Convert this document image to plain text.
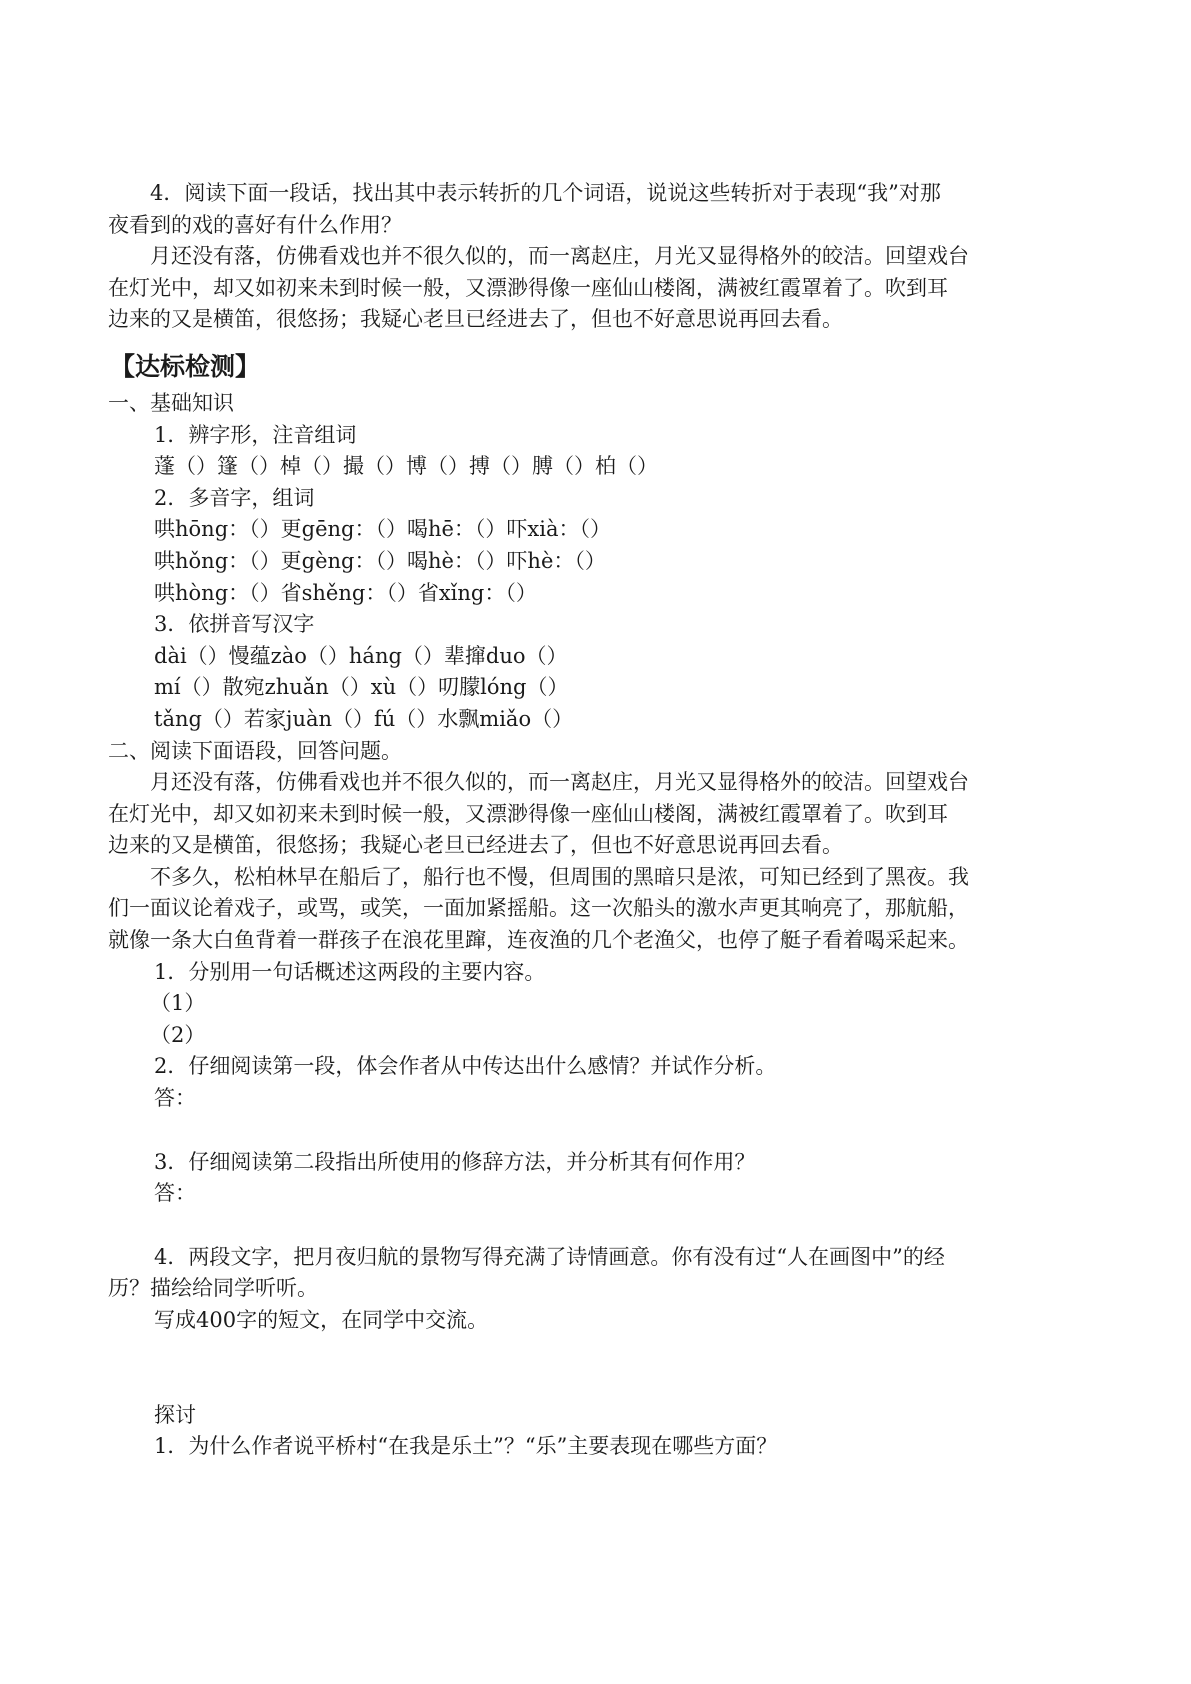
4．阅读下面一段话，找出其中表示转折的几个词语，说说这些转折对于表现“我”对那

夜看到的戏的喜好有什么作用？

月还没有落，仿佛看戏也并不很久似的，而一离赵庄，月光又显得格外的皎洁。回望戏台

在灯光中，却又如初来未到时候一般，又漂渺得像一座仙山楼阁，满被红霞罩着了。吹到耳

边来的又是横笛，很悠扬；我疑心老旦已经进去了，但也不好意思说再回去看。

【达标检测】

一、基础知识

1．辨字形，注音组词

蓬（）篷（）棹（）撮（）博（）搏（）膊（）柏（）

2．多音字，组词

哄hōng：（）更gēng：（）喝hē：（）吓xià：（）

哄hǒng：（）更gèng：（）喝hè：（）吓hè：（）

哄hòng：（）省shěng：（）省xǐng：（）

3．依拼音写汉字

dài（）慢蕴zào（）háng（）辈撺duo（）

mí（）散宛zhuǎn（）xù（）叨朦lóng（）

tǎng（）若家juàn（）fú（）水飘miǎo（）

二、阅读下面语段，回答问题。

月还没有落，仿佛看戏也并不很久似的，而一离赵庄，月光又显得格外的皎洁。回望戏台

在灯光中，却又如初来未到时候一般，又漂渺得像一座仙山楼阁，满被红霞罩着了。吹到耳

边来的又是横笛，很悠扬；我疑心老旦已经进去了，但也不好意思说再回去看。

不多久，松柏林早在船后了，船行也不慢，但周围的黑暗只是浓，可知已经到了黑夜。我

们一面议论着戏子，或骂，或笑，一面加紧摇船。这一次船头的激水声更其响亮了，那航船，

就像一条大白鱼背着一群孩子在浪花里蹿，连夜渔的几个老渔父，也停了艇子看着喝采起来。

1．分别用一句话概述这两段的主要内容。

（1）

（2）

2．仔细阅读第一段，体会作者从中传达出什么感情？并试作分析。

答：

3．仔细阅读第二段指出所使用的修辞方法，并分析其有何作用？

答：

4．两段文字，把月夜归航的景物写得充满了诗情画意。你有没有过“人在画图中”的经

历？描绘给同学听听。

写成400字的短文，在同学中交流。

探讨

1．为什么作者说平桥村“在我是乐土”？“乐”主要表现在哪些方面？
